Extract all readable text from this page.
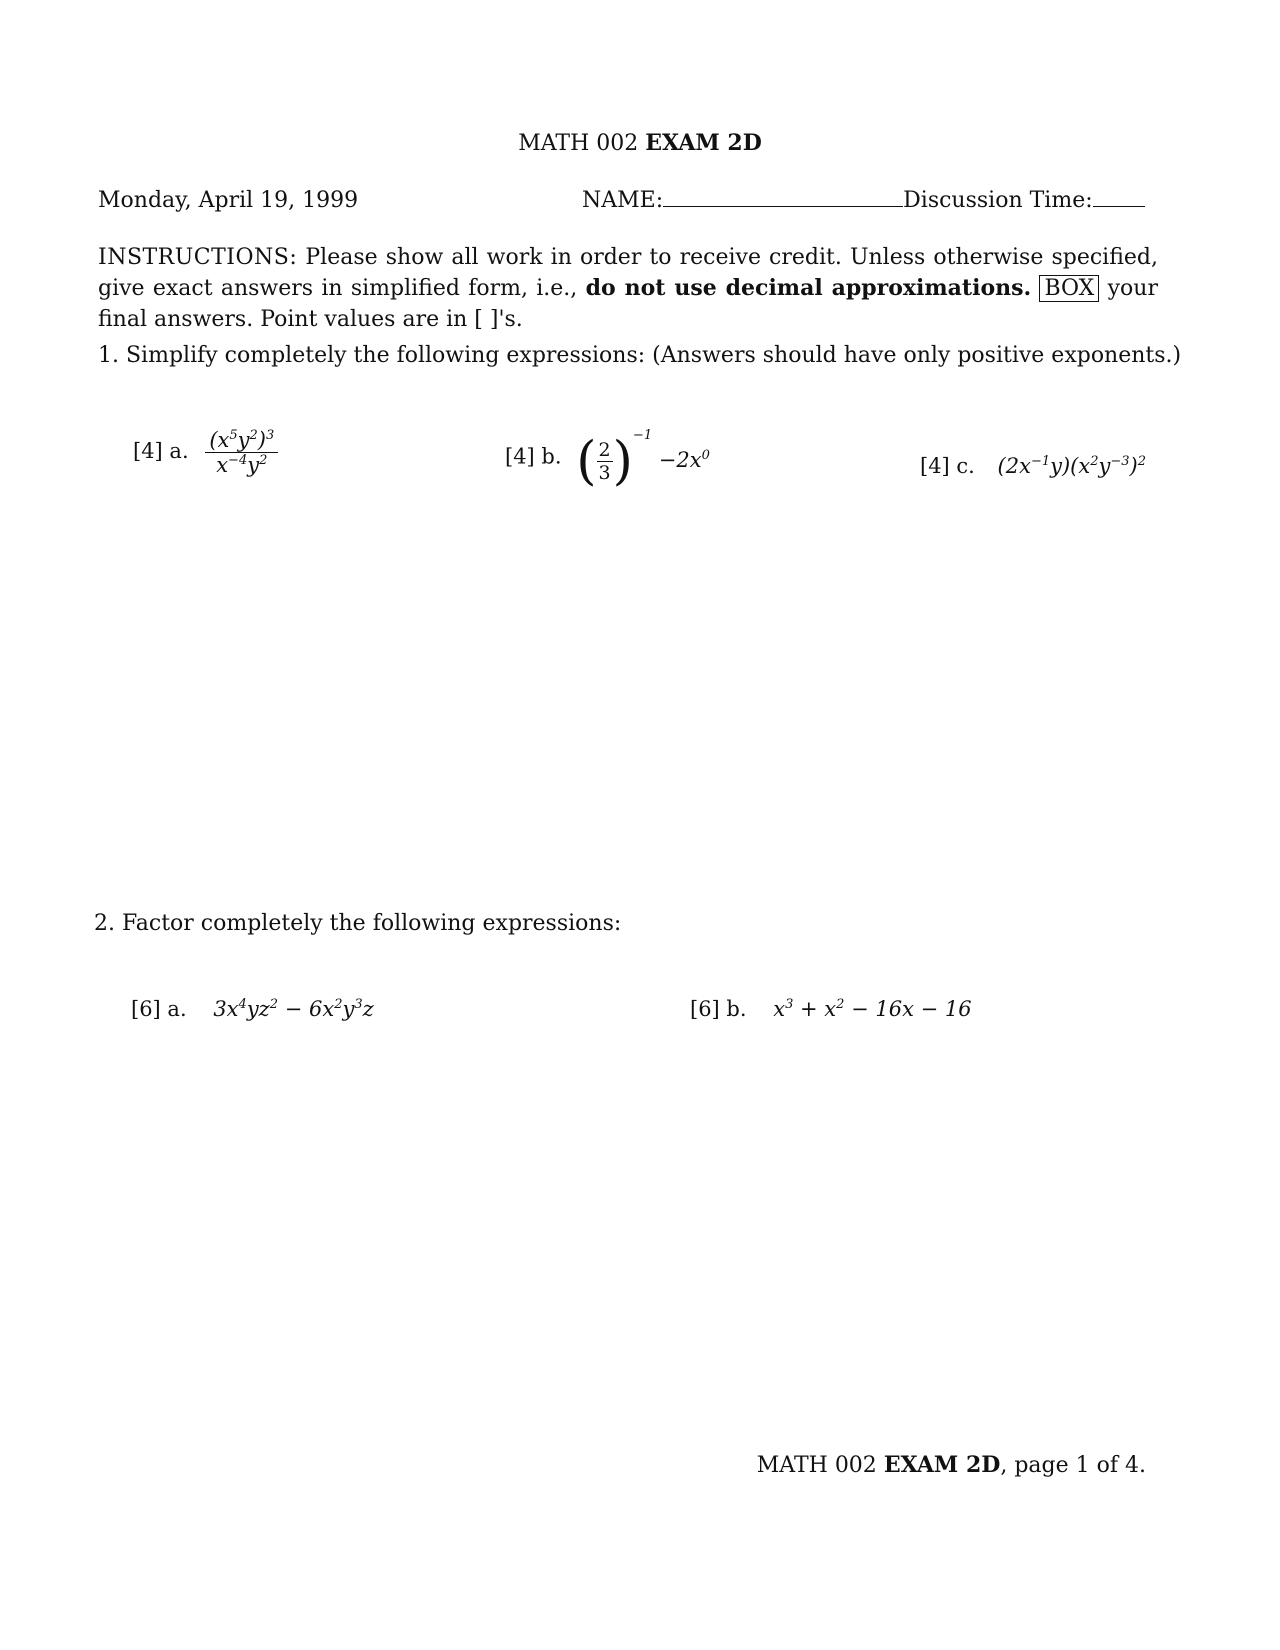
MATH 002 EXAM 2D
Monday, April 19, 1999	NAME:	Discussion Time:
INSTRUCTIONS: Please show all work in order to receive credit. Unless otherwise specified, give exact answers in simplified form, i.e., do not use decimal approximations. BOX your final answers. Point values are in [ ]'s.
1. Simplify completely the following expressions: (Answers should have only positive exponents.)
[4] a. $\frac{(x^5y^2)^3}{x^{-4}y^2}$	[4] b. ( $\frac{2}{3} )^{-1} -2x^0$	[4] c. $(2x^{-1}y)(x^2y^{-3})^2$
2. Factor completely the following expressions:
[6] a. $3x^4yz^2 - 6x^2y^3z$	[6] b. $x^3 + x^2 - 16x - 16$
MATH 002 EXAM 2D, page 1 of 4.
